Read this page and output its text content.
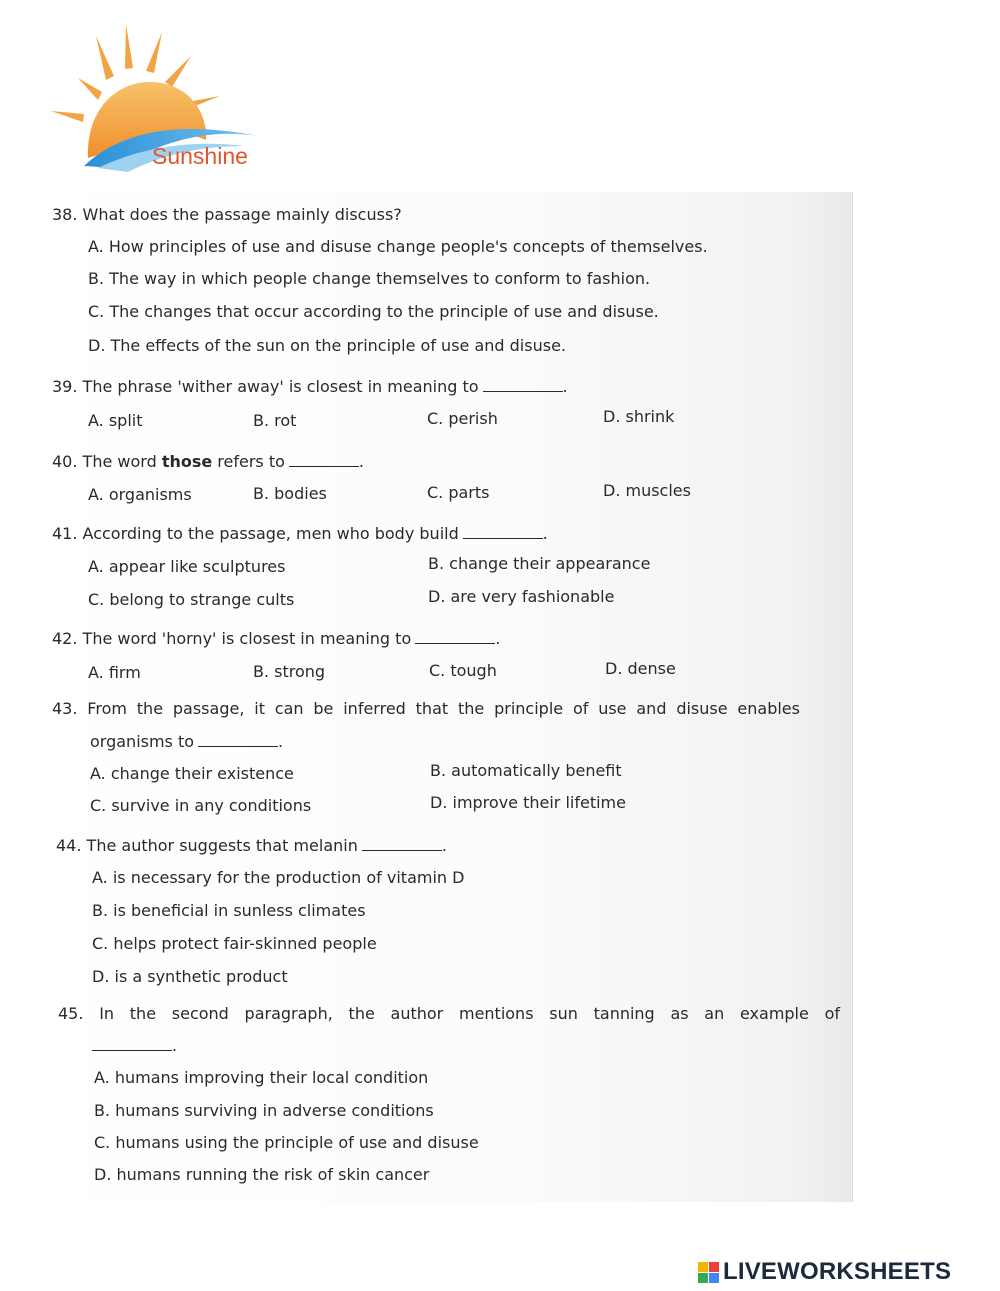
Sunshine
38. What does the passage mainly discuss?
A. How principles of use and disuse change people's concepts of themselves.
B. The way in which people change themselves to conform to fashion.
C. The changes that occur according to the principle of use and disuse.
D. The effects of the sun on the principle of use and disuse.
39. The phrase 'wither away' is closest in meaning to	.
A. split	B. rot	C. perish	D. shrink
40. The word those refers to	.
A. organisms	B. bodies	C. parts	D. muscles
41. According to the passage, men who body build	.
A. appear like sculptures	B. change their appearance
C. belong to strange cults	D. are very fashionable
42. The word 'horny' is closest in meaning to	.
A. firm	B. strong	C. tough	D. dense
43. From the passage, it can be inferred that the principle of use and disuse enables
organisms to	.
A. change their existence	B. automatically benefit
C. survive in any conditions	D. improve their lifetime
44. The author suggests that melanin	.
A. is necessary for the production of vitamin D
B. is beneficial in sunless climates
C. helps protect fair-skinned people
D. is a synthetic product
45. In the second paragraph, the author mentions sun tanning as an example of
.
A. humans improving their local condition
B. humans surviving in adverse conditions
C. humans using the principle of use and disuse
D. humans running the risk of skin cancer
LIVEWORKSHEETS
